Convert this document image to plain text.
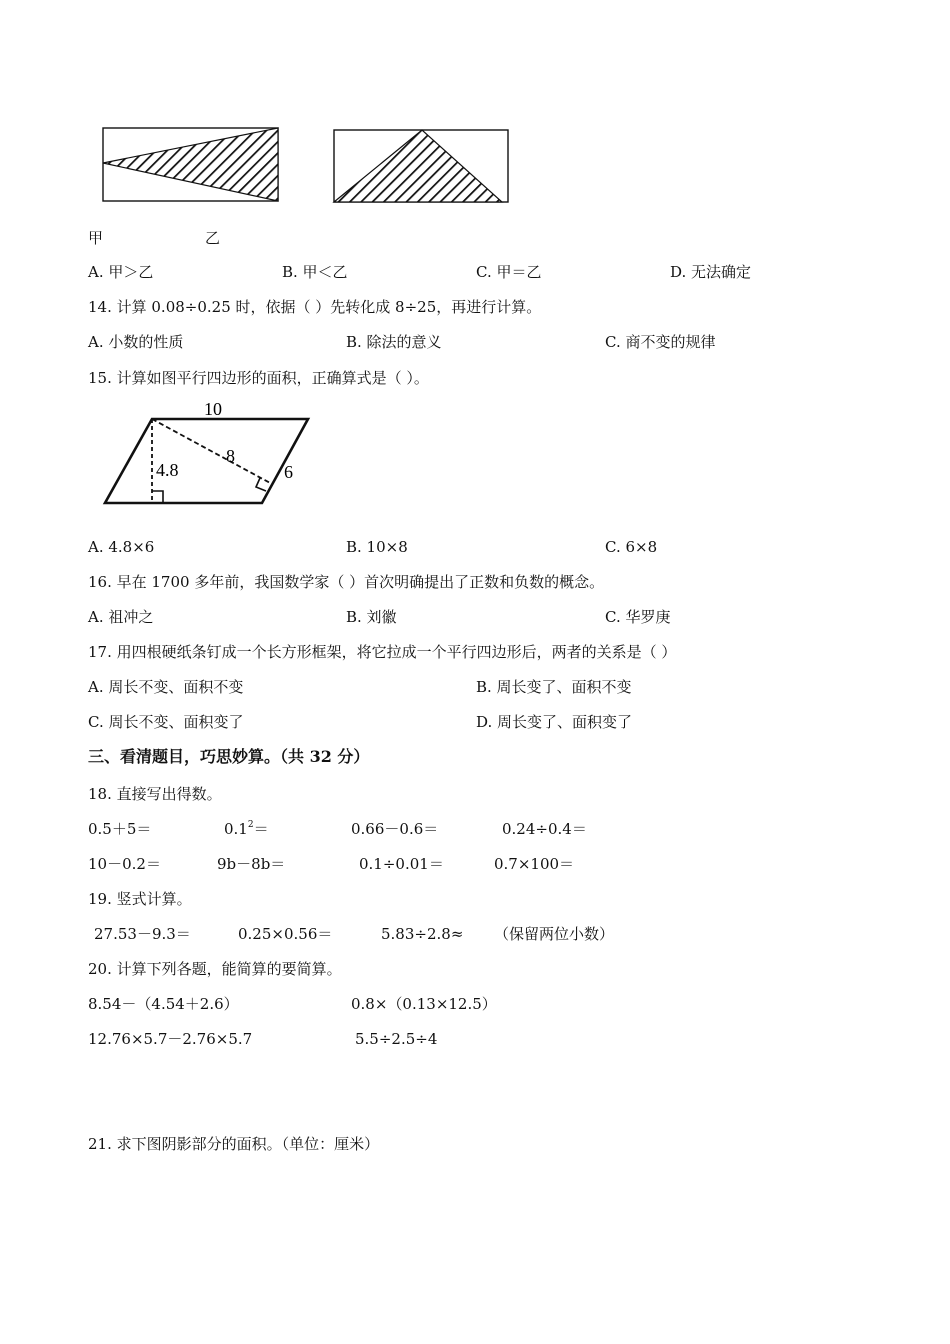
甲	乙
A. 甲＞乙	B. 甲＜乙	C. 甲＝乙	D. 无法确定
14. 计算 0.08÷0.25 时，依据（ ）先转化成 8÷25，再进行计算。
A. 小数的性质	B. 除法的意义	C. 商不变的规律
15. 计算如图平行四边形的面积，正确算式是（ ）。
10
4.8
8
6
A. 4.8×6	B. 10×8	C. 6×8
16. 早在 1700 多年前，我国数学家（ ）首次明确提出了正数和负数的概念。
A. 祖冲之	B. 刘徽	C. 华罗庚
17. 用四根硬纸条钉成一个长方形框架，将它拉成一个平行四边形后，两者的关系是（ ）
A. 周长不变、面积不变	B. 周长变了、面积不变
C. 周长不变、面积变了	D. 周长变了、面积变了
三、看清题目，巧思妙算。（共 32 分）
18. 直接写出得数。
0.5＋5＝	$0.1^2=$	0.66－0.6＝	0.24÷0.4＝
10－0.2＝	9b－8b＝	0.1÷0.01＝	0.7×100＝
19. 竖式计算。
27.53－9.3＝	0.25×0.56＝	5.83÷2.8≈ （保留两位小数）
20. 计算下列各题，能简算的要简算。
8.54－（4.54＋2.6）	0.8×（0.13×12.5）
12.76×5.7－2.76×5.7	5.5÷2.5÷4
21. 求下图阴影部分的面积。（单位：厘米）
